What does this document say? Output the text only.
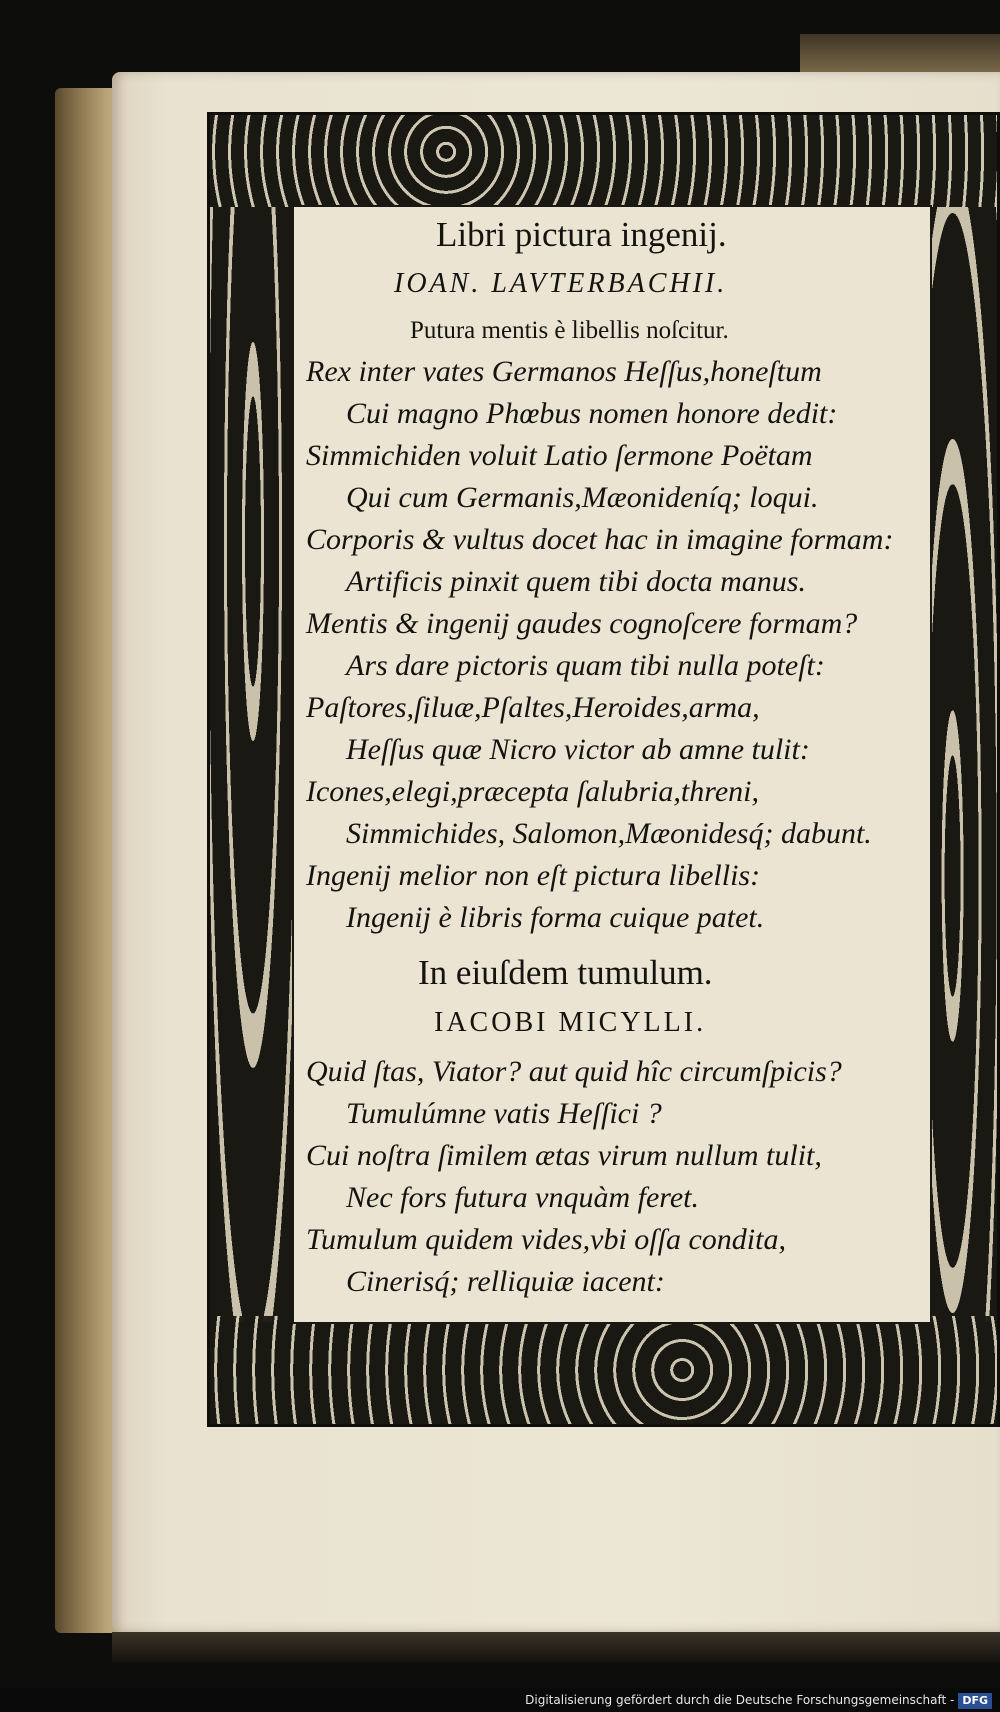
Libri pictura ingenij.
IOAN. LAVTERBACHII.
Putura mentis è libellis noſcitur.
Rex inter vates Germanos Heſſus,honeſtum
Cui magno Phœbus nomen honore dedit:
Simmichiden voluit Latio ſermone Poëtam
Qui cum Germanis,Mæonideníq; loqui.
Corporis & vultus docet hac in imagine formam:
Artificis pinxit quem tibi docta manus.
Mentis & ingenij gaudes cognoſcere formam?
Ars dare pictoris quam tibi nulla poteſt:
Paſtores,ſiluæ,Pſaltes,Heroides,arma,
Heſſus quæ Nicro victor ab amne tulit:
Icones,elegi,præcepta ſalubria,threni,
Simmichides, Salomon,Mæonidesq́; dabunt.
Ingenij melior non eſt pictura libellis:
Ingenij è libris forma cuique patet.
In eiuſdem tumulum.
IACOBI MICYLLI.
Quid ſtas, Viator? aut quid hîc circumſpicis?
Tumulúmne vatis Heſſici ?
Cui noſtra ſimilem ætas virum nullum tulit,
Nec fors futura vnquàm feret.
Tumulum quidem vides,vbi oſſa condita,
Cinerisq́; relliquiæ iacent:
Digitalisierung gefördert durch die Deutsche Forschungsgemeinschaft - DFG
